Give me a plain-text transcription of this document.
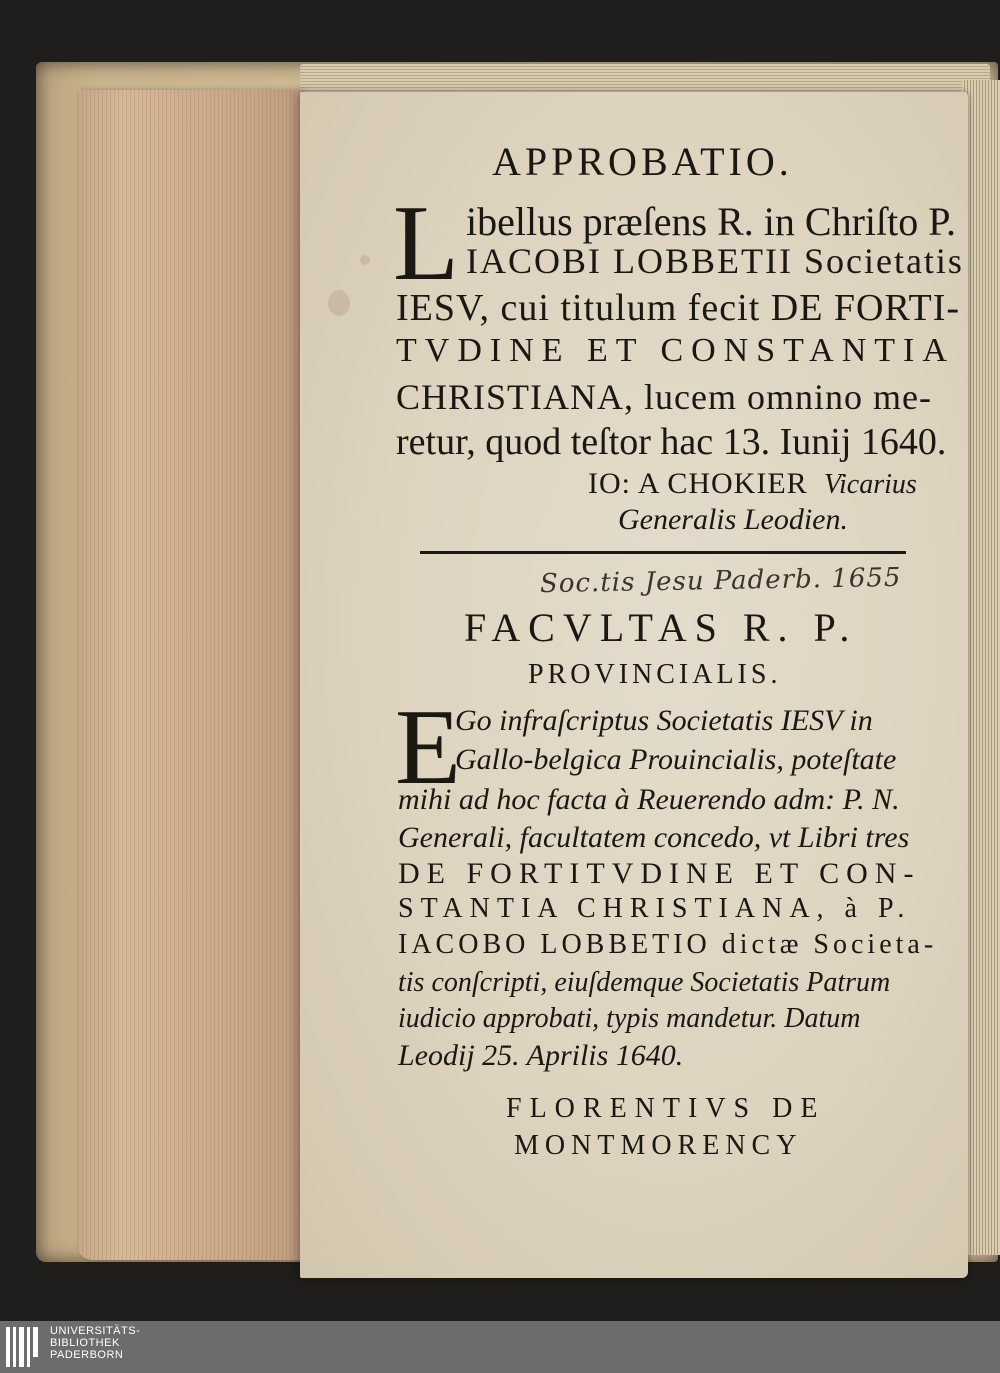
APPROBATIO.
L ibellus præſens R. in Chriſto P.
IACOBI LOBBETII Societatis
IESV, cui titulum fecit DE FORTI-
TVDINE ET CONSTANTIA
CHRISTIANA, lucem omnino me-
retur, quod teſtor hac 13. Iunij 1640.
IO: A CHOKIER Vicarius
Generalis Leodien.
Soc.tis Jesu Paderb. 1655
FACVLTAS R. P.
PROVINCIALIS.
E
Go infraſcriptus Societatis IESV in
Gallo-belgica Prouincialis, poteſtate
mihi ad hoc facta à Reuerendo adm: P. N.
Generali, facultatem concedo, vt Libri tres
DE FORTITVDINE ET CON-
STANTIA CHRISTIANA, à P.
IACOBO LOBBETIO dictæ Societa-
tis conſcripti, eiuſdemque Societatis Patrum
iudicio approbati, typis mandetur. Datum
Leodij 25. Aprilis 1640.
FLORENTIVS DE
MONTMORENCY
UNIVERSITÄTS-
BIBLIOTHEK
PADERBORN
